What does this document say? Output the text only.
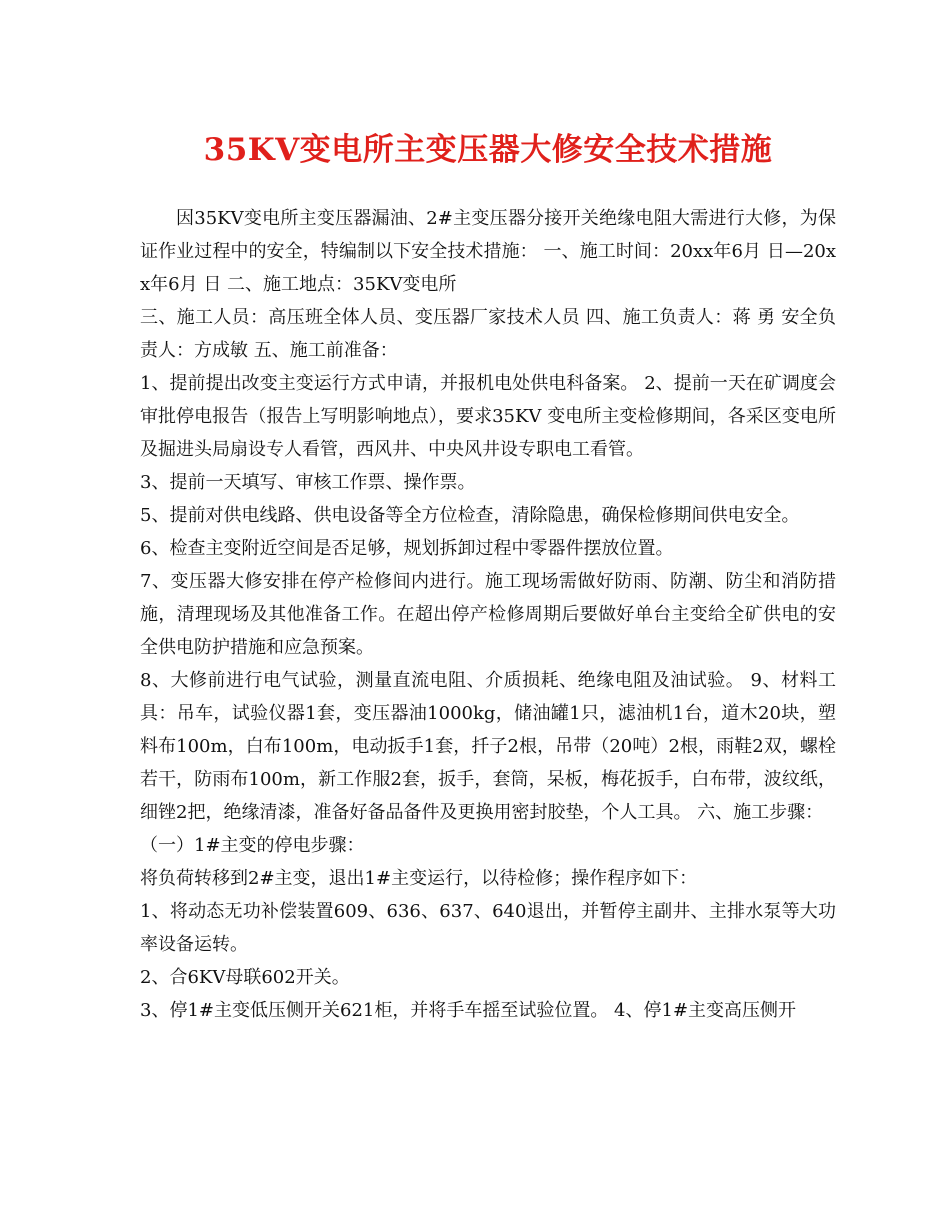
35KV变电所主变压器大修安全技术措施

因35KV变电所主变压器漏油、2#主变压器分接开关绝缘电阻大需进行大修，为保证作业过程中的安全，特编制以下安全技术措施： 一、施工时间：20xx年6月 日—20xx年6月 日 二、施工地点：35KV变电所

三、施工人员：高压班全体人员、变压器厂家技术人员 四、施工负责人：蒋 勇 安全负责人：方成敏 五、施工前准备：

1、提前提出改变主变运行方式申请，并报机电处供电科备案。 2、提前一天在矿调度会审批停电报告（报告上写明影响地点），要求35KV 变电所主变检修期间，各采区变电所及掘进头局扇设专人看管，西风井、中央风井设专职电工看管。

3、提前一天填写、审核工作票、操作票。

5、提前对供电线路、供电设备等全方位检查，清除隐患，确保检修期间供电安全。

6、检查主变附近空间是否足够，规划拆卸过程中零器件摆放位置。

7、变压器大修安排在停产检修间内进行。施工现场需做好防雨、防潮、防尘和消防措施，清理现场及其他准备工作。在超出停产检修周期后要做好单台主变给全矿供电的安全供电防护措施和应急预案。

8、大修前进行电气试验，测量直流电阻、介质损耗、绝缘电阻及油试验。 9、材料工具：吊车，试验仪器1套，变压器油1000kg，储油罐1只，滤油机1台，道木20块，塑料布100m，白布100m，电动扳手1套，扦子2根，吊带（20吨）2根，雨鞋2双，螺栓若干，防雨布100m，新工作服2套，扳手，套筒，呆板，梅花扳手，白布带，波纹纸，细锉2把，绝缘清漆，准备好备品备件及更换用密封胶垫，个人工具。 六、施工步骤：

（一）1#主变的停电步骤：

将负荷转移到2#主变，退出1#主变运行，以待检修；操作程序如下：

1、将动态无功补偿装置609、636、637、640退出，并暂停主副井、主排水泵等大功率设备运转。

2、合6KV母联602开关。

3、停1#主变低压侧开关621柜，并将手车摇至试验位置。 4、停1#主变高压侧开
